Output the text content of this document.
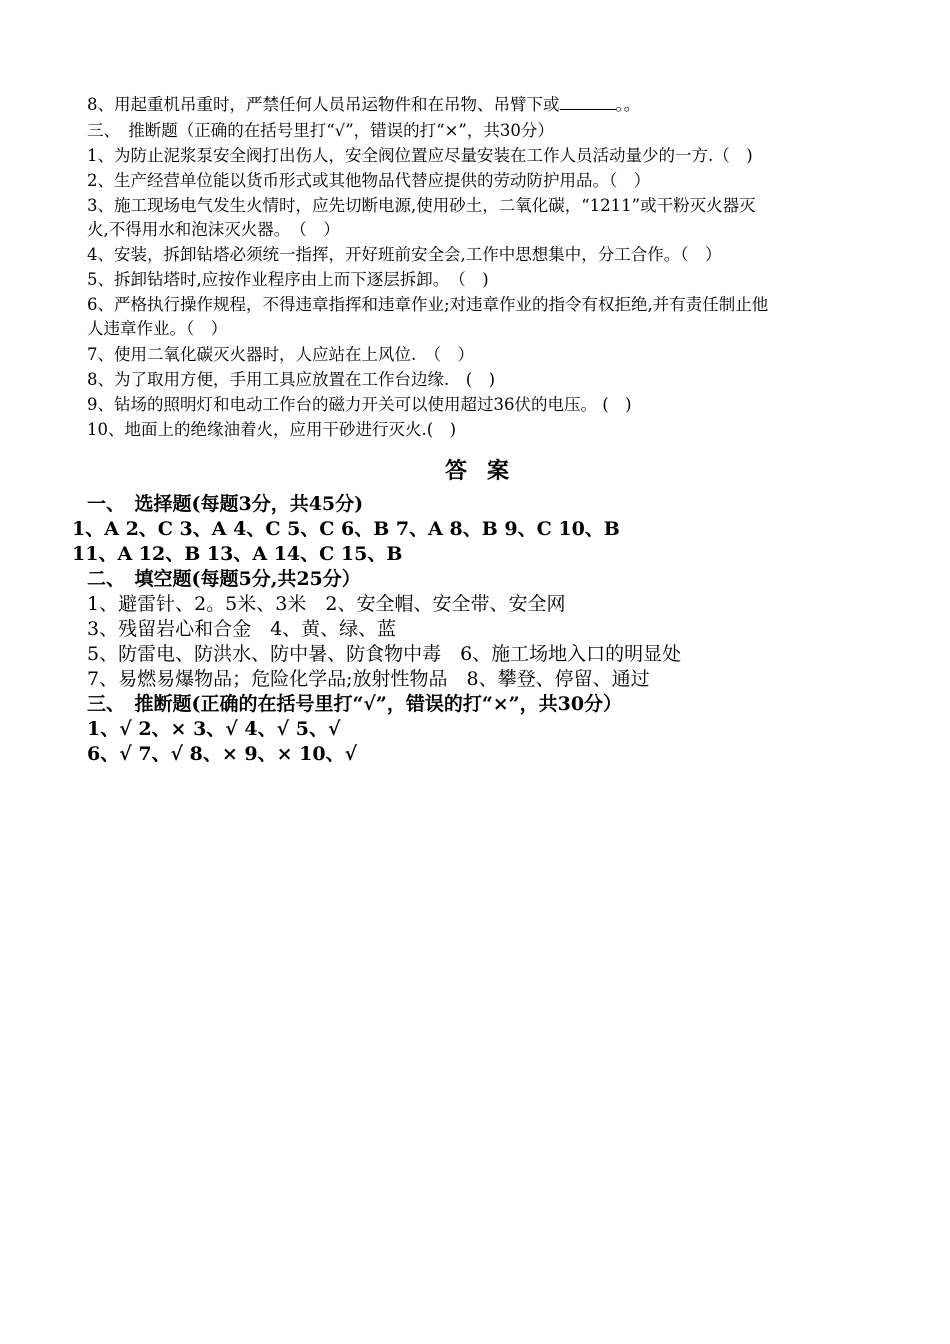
8、用起重机吊重时，严禁任何人员吊运物件和在吊物、吊臂下或	。。
三、　推断题（正确的在括号里打“√”，错误的打“×”，共30分）
1、为防止泥浆泵安全阀打出伤人，安全阀位置应尽量安装在工作人员活动量少的一方.（　)
2、生产经营单位能以货币形式或其他物品代替应提供的劳动防护用品。（　）
3、施工现场电气发生火情时，应先切断电源,使用砂土，二氧化碳，“1211”或干粉灭火器灭
火,不得用水和泡沫灭火器。　（　）
4、安装，拆卸钻塔必须统一指挥，开好班前安全会,工作中思想集中，分工合作。（　）
5、拆卸钻塔时,应按作业程序由上而下逐层拆卸。　（　)
6、严格执行操作规程，不得违章指挥和违章作业;对违章作业的指令有权拒绝,并有责任制止他
人违章作业。（　）
7、使用二氧化碳灭火器时，人应站在上风位.　（　）
8、为了取用方便，手用工具应放置在工作台边缘.　(　)
9、钻场的照明灯和电动工作台的磁力开关可以使用超过36伏的电压。 (　)
10、地面上的绝缘油着火，应用干砂进行灭火.(　)
答案
一、　选择题(每题3分，共45分)
1、A 2、C 3、A 4、C 5、C 6、B 7、A 8、B 9、C 10、B
11、A 12、B 13、A 14、C 15、B
二、　填空题(每题5分,共25分）
1、避雷针、2。5米、3米　2、安全帽、安全带、安全网
3、残留岩心和合金　4、黄、绿、蓝
5、防雷电、防洪水、防中暑、防食物中毒　6、施工场地入口的明显处
7、易燃易爆物品；危险化学品;放射性物品　8、攀登、停留、通过
三、　推断题(正确的在括号里打“√”，错误的打“×”，共30分）
1、√ 2、× 3、√ 4、√ 5、√
6、√ 7、√ 8、× 9、× 10、√
